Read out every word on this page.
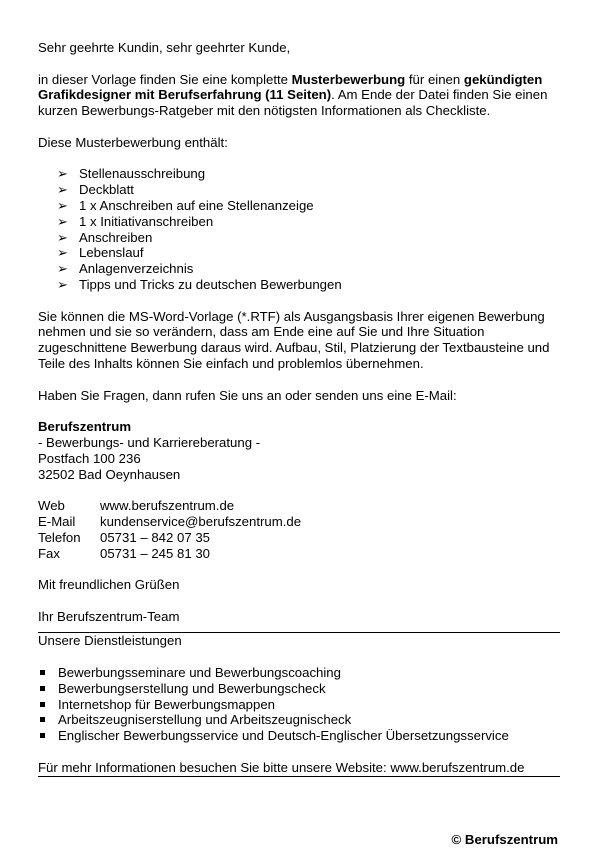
Sehr geehrte Kundin, sehr geehrter Kunde,

in dieser Vorlage finden Sie eine komplette Musterbewerbung für einen gekündigten Grafikdesigner mit Berufserfahrung (11 Seiten). Am Ende der Datei finden Sie einen kurzen Bewerbungs-Ratgeber mit den nötigsten Informationen als Checkliste.

Diese Musterbewerbung enthält:

➢ Stellenausschreibung
➢ Deckblatt
➢ 1 x Anschreiben auf eine Stellenanzeige
➢ 1 x Initiativanschreiben
➢ Anschreiben
➢ Lebenslauf
➢ Anlagenverzeichnis
➢ Tipps und Tricks zu deutschen Bewerbungen

Sie können die MS-Word-Vorlage (*.RTF) als Ausgangsbasis Ihrer eigenen Bewerbung nehmen und sie so verändern, dass am Ende eine auf Sie und Ihre Situation zugeschnittene Bewerbung daraus wird. Aufbau, Stil, Platzierung der Textbausteine und Teile des Inhalts können Sie einfach und problemlos übernehmen.

Haben Sie Fragen, dann rufen Sie uns an oder senden uns eine E-Mail:

Berufszentrum

- Bewerbungs- und Karriereberatung -

Postfach 100 236

32502 Bad Oeynhausen

Web	www.berufszentrum.de
E-Mail	kundenservice@berufszentrum.de
Telefon	05731 – 842 07 35
Fax	05731 – 245 81 30

Mit freundlichen Grüßen

Ihr Berufszentrum-Team

Unsere Dienstleistungen

Bewerbungsseminare und Bewerbungscoaching
Bewerbungserstellung und Bewerbungscheck
Internetshop für Bewerbungsmappen
Arbeitszeugniserstellung und Arbeitszeugnischeck
Englischer Bewerbungsservice und Deutsch-Englischer Übersetzungsservice

Für mehr Informationen besuchen Sie bitte unsere Website: www.berufszentrum.de

© Berufszentrum
